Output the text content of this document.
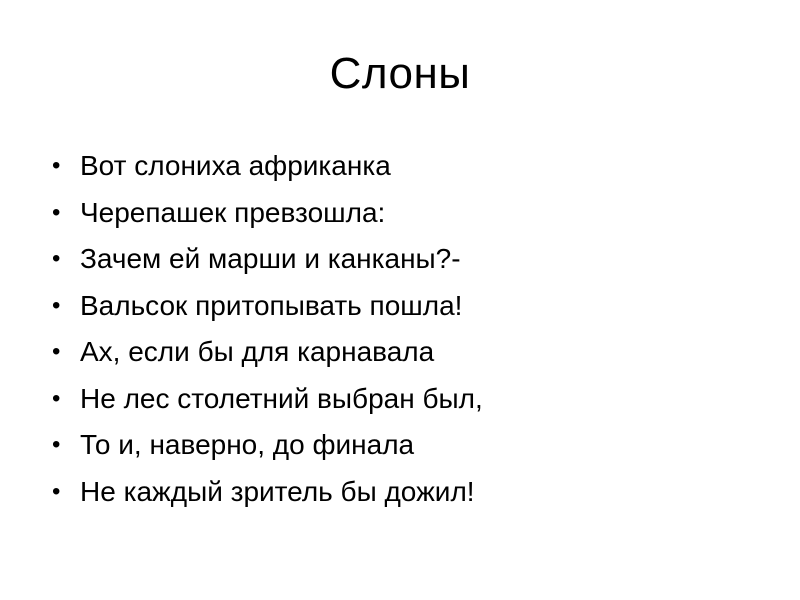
Слоны
• Вот слониха африканка
• Черепашек превзошла:
• Зачем ей марши и канканы?-
• Вальсок притопывать пошла!
• Ах, если бы для карнавала
• Не лес столетний выбран был,
• То и, наверно, до финала
• Не каждый зритель бы дожил!
